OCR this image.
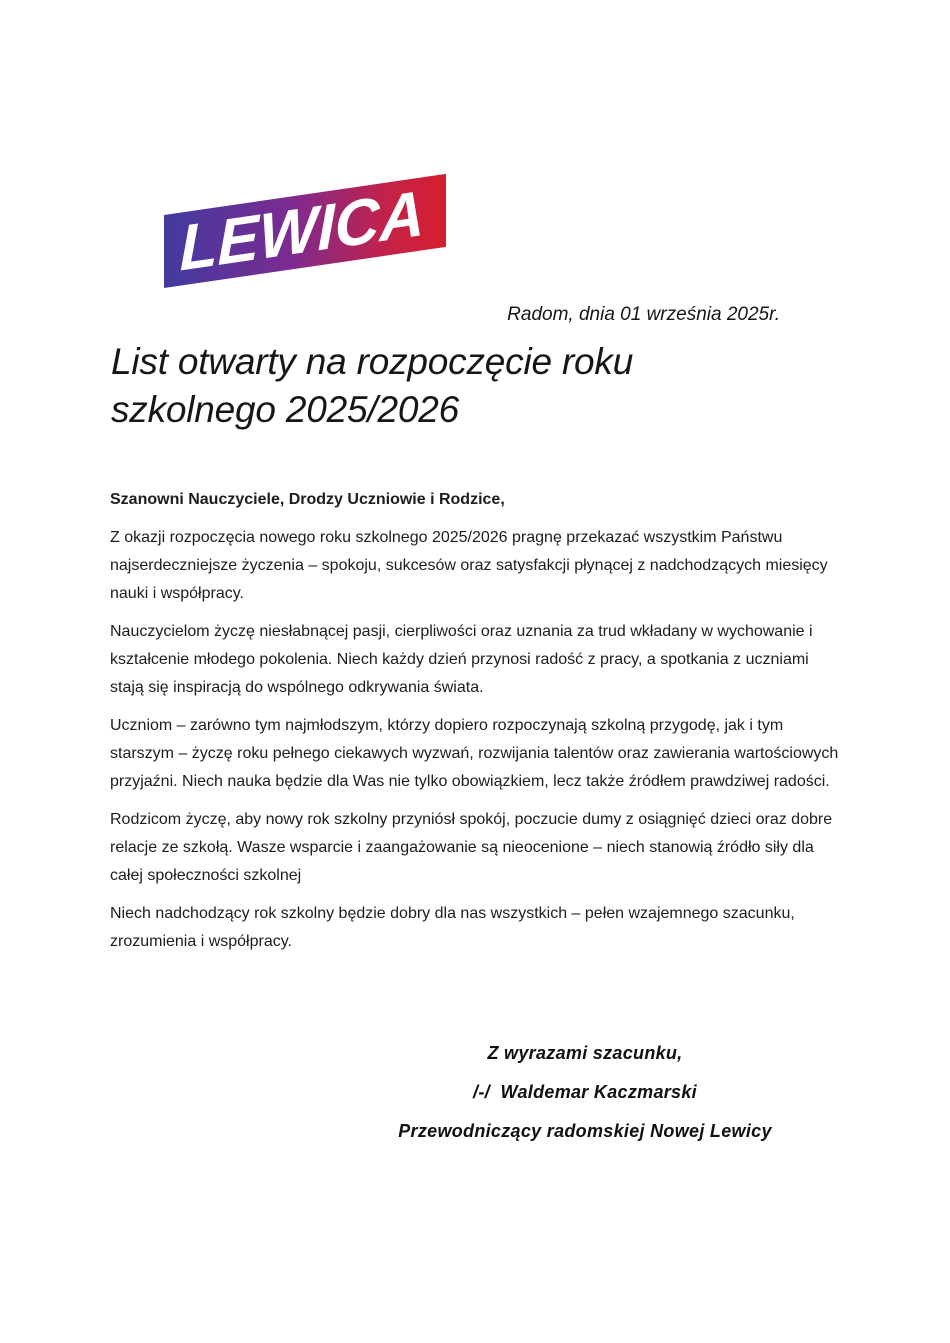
LEWICA
Radom, dnia 01 września 2025r.
List otwarty na rozpoczęcie roku szkolnego 2025/2026

Szanowni Nauczyciele, Drodzy Uczniowie i Rodzice,

Z okazji rozpoczęcia nowego roku szkolnego 2025/2026 pragnę przekazać wszystkim Państwu najserdeczniejsze życzenia – spokoju, sukcesów oraz satysfakcji płynącej z nadchodzących miesięcy nauki i współpracy.

Nauczycielom życzę niesłabnącej pasji, cierpliwości oraz uznania za trud wkładany w wychowanie i kształcenie młodego pokolenia. Niech każdy dzień przynosi radość z pracy, a spotkania z uczniami stają się inspiracją do wspólnego odkrywania świata.

Uczniom – zarówno tym najmłodszym, którzy dopiero rozpoczynają szkolną przygodę, jak i tym starszym – życzę roku pełnego ciekawych wyzwań, rozwijania talentów oraz zawierania wartościowych przyjaźni. Niech nauka będzie dla Was nie tylko obowiązkiem, lecz także źródłem prawdziwej radości.

Rodzicom życzę, aby nowy rok szkolny przyniósł spokój, poczucie dumy z osiągnięć dzieci oraz dobre relacje ze szkołą. Wasze wsparcie i zaangażowanie są nieocenione – niech stanowią źródło siły dla całej społeczności szkolnej

Niech nadchodzący rok szkolny będzie dobry dla nas wszystkich – pełen wzajemnego szacunku, zrozumienia i współpracy.

Z wyrazami szacunku,
/-/  Waldemar Kaczmarski
Przewodniczący radomskiej Nowej Lewicy
